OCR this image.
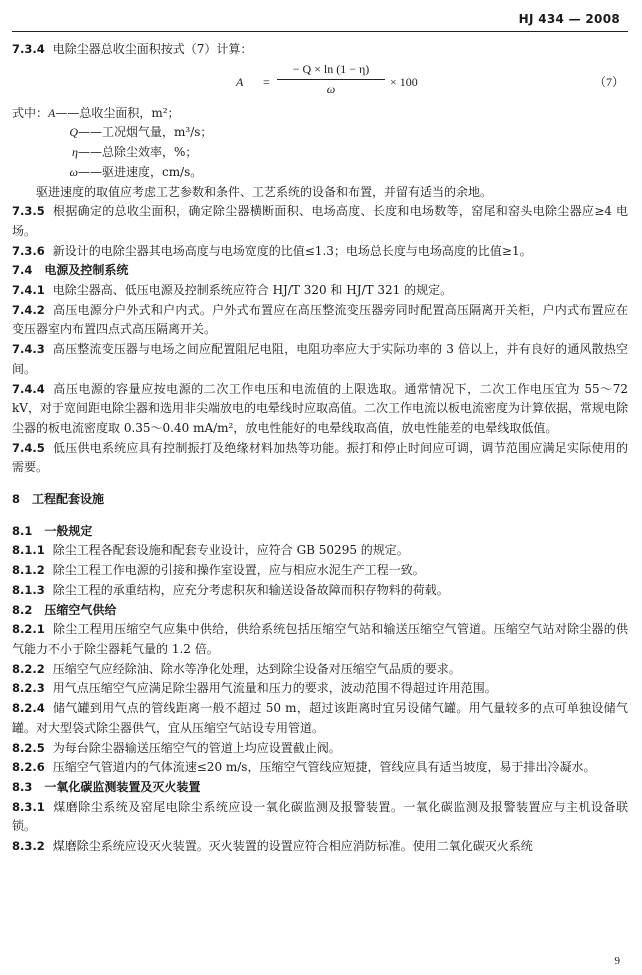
HJ 434 — 2008

7.3.4 电除尘器总收尘面积按式（7）计算：

$A = \frac{- Q \times \ln (1 - \eta)}{\omega} \times 100$	（7）
式中： A ——总收尘面积，m²；
Q ——工况烟气量，m³/s；
η ——总除尘效率，%；
ω ——驱进速度，cm/s。

驱进速度的取值应考虑工艺参数和条件、工艺系统的设备和布置，并留有适当的余地。

7.3.5 根据确定的总收尘面积，确定除尘器横断面积、电场高度、长度和电场数等，窑尾和窑头电除尘器应≥4 电场。

7.3.6 新设计的电除尘器其电场高度与电场宽度的比值≤1.3；电场总长度与电场高度的比值≥1。

7.4 电源及控制系统

7.4.1 电除尘器高、低压电源及控制系统应符合 HJ/T 320 和 HJ/T 321 的规定。

7.4.2 高压电源分户外式和户内式。户外式布置应在高压整流变压器旁同时配置高压隔离开关柜，户内式布置应在变压器室内布置四点式高压隔离开关。

7.4.3 高压整流变压器与电场之间应配置阻尼电阻，电阻功率应大于实际功率的 3 倍以上，并有良好的通风散热空间。

7.4.4 高压电源的容量应按电源的二次工作电压和电流值的上限选取。通常情况下，二次工作电压宜为 55～72 kV，对于宽间距电除尘器和选用非尖端放电的电晕线时应取高值。二次工作电流以板电流密度为计算依据，常规电除尘器的板电流密度取 0.35～0.40 mA/m²，放电性能好的电晕线取高值，放电性能差的电晕线取低值。

7.4.5 低压供电系统应具有控制振打及绝缘材料加热等功能。振打和停止时间应可调，调节范围应满足实际使用的需要。

8 工程配套设施

8.1 一般规定

8.1.1 除尘工程各配套设施和配套专业设计，应符合 GB 50295 的规定。

8.1.2 除尘工程工作电源的引接和操作室设置，应与相应水泥生产工程一致。

8.1.3 除尘工程的承重结构，应充分考虑积灰和输送设备故障而积存物料的荷载。

8.2 压缩空气供给

8.2.1 除尘工程用压缩空气应集中供给，供给系统包括压缩空气站和输送压缩空气管道。压缩空气站对除尘器的供气能力不小于除尘器耗气量的 1.2 倍。

8.2.2 压缩空气应经除油、除水等净化处理，达到除尘设备对压缩空气品质的要求。

8.2.3 用气点压缩空气应满足除尘器用气流量和压力的要求，波动范围不得超过许用范围。

8.2.4 储气罐到用气点的管线距离一般不超过 50 m，超过该距离时宜另设储气罐。用气量较多的点可单独设储气罐。对大型袋式除尘器供气，宜从压缩空气站设专用管道。

8.2.5 为每台除尘器输送压缩空气的管道上均应设置截止阀。

8.2.6 压缩空气管道内的气体流速≤20 m/s，压缩空气管线应短捷，管线应具有适当坡度，易于排出冷凝水。

8.3 一氧化碳监测装置及灭火装置

8.3.1 煤磨除尘系统及窑尾电除尘系统应设一氧化碳监测及报警装置。一氧化碳监测及报警装置应与主机设备联锁。

8.3.2 煤磨除尘系统应设灭火装置。灭火装置的设置应符合相应消防标准。使用二氧化碳灭火系统

9
